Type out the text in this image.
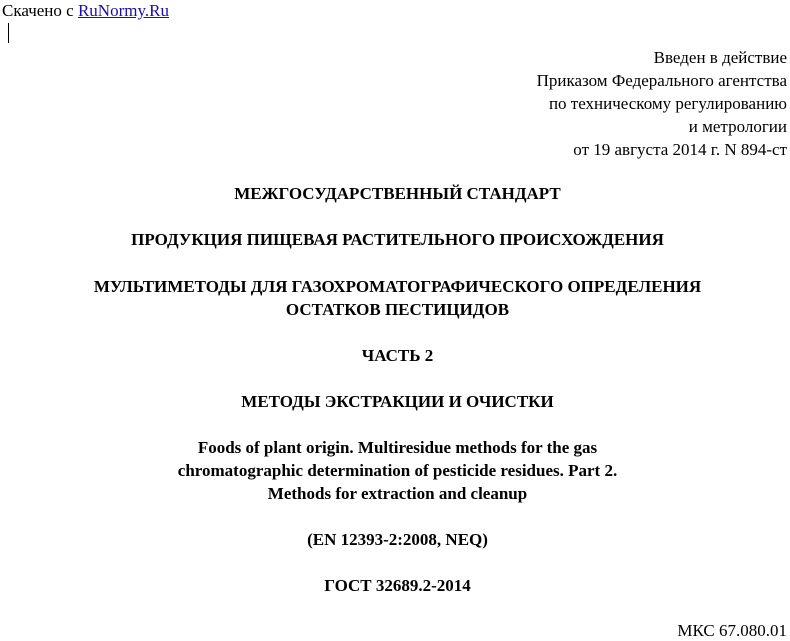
Скачено с RuNormy.Ru
Введен в действие
Приказом Федерального агентства
по техническому регулированию
и метрологии
от 19 августа 2014 г. N 894-ст
МЕЖГОСУДАРСТВЕННЫЙ СТАНДАРТ
ПРОДУКЦИЯ ПИЩЕВАЯ РАСТИТЕЛЬНОГО ПРОИСХОЖДЕНИЯ
МУЛЬТИМЕТОДЫ ДЛЯ ГАЗОХРОМАТОГРАФИЧЕСКОГО ОПРЕДЕЛЕНИЯ
ОСТАТКОВ ПЕСТИЦИДОВ
ЧАСТЬ 2
МЕТОДЫ ЭКСТРАКЦИИ И ОЧИСТКИ
Foods of plant origin. Multiresidue methods for the gas
chromatographic determination of pesticide residues. Part 2.
Methods for extraction and cleanup
(EN 12393-2:2008, NEQ)
ГОСТ 32689.2-2014
МКС 67.080.01
